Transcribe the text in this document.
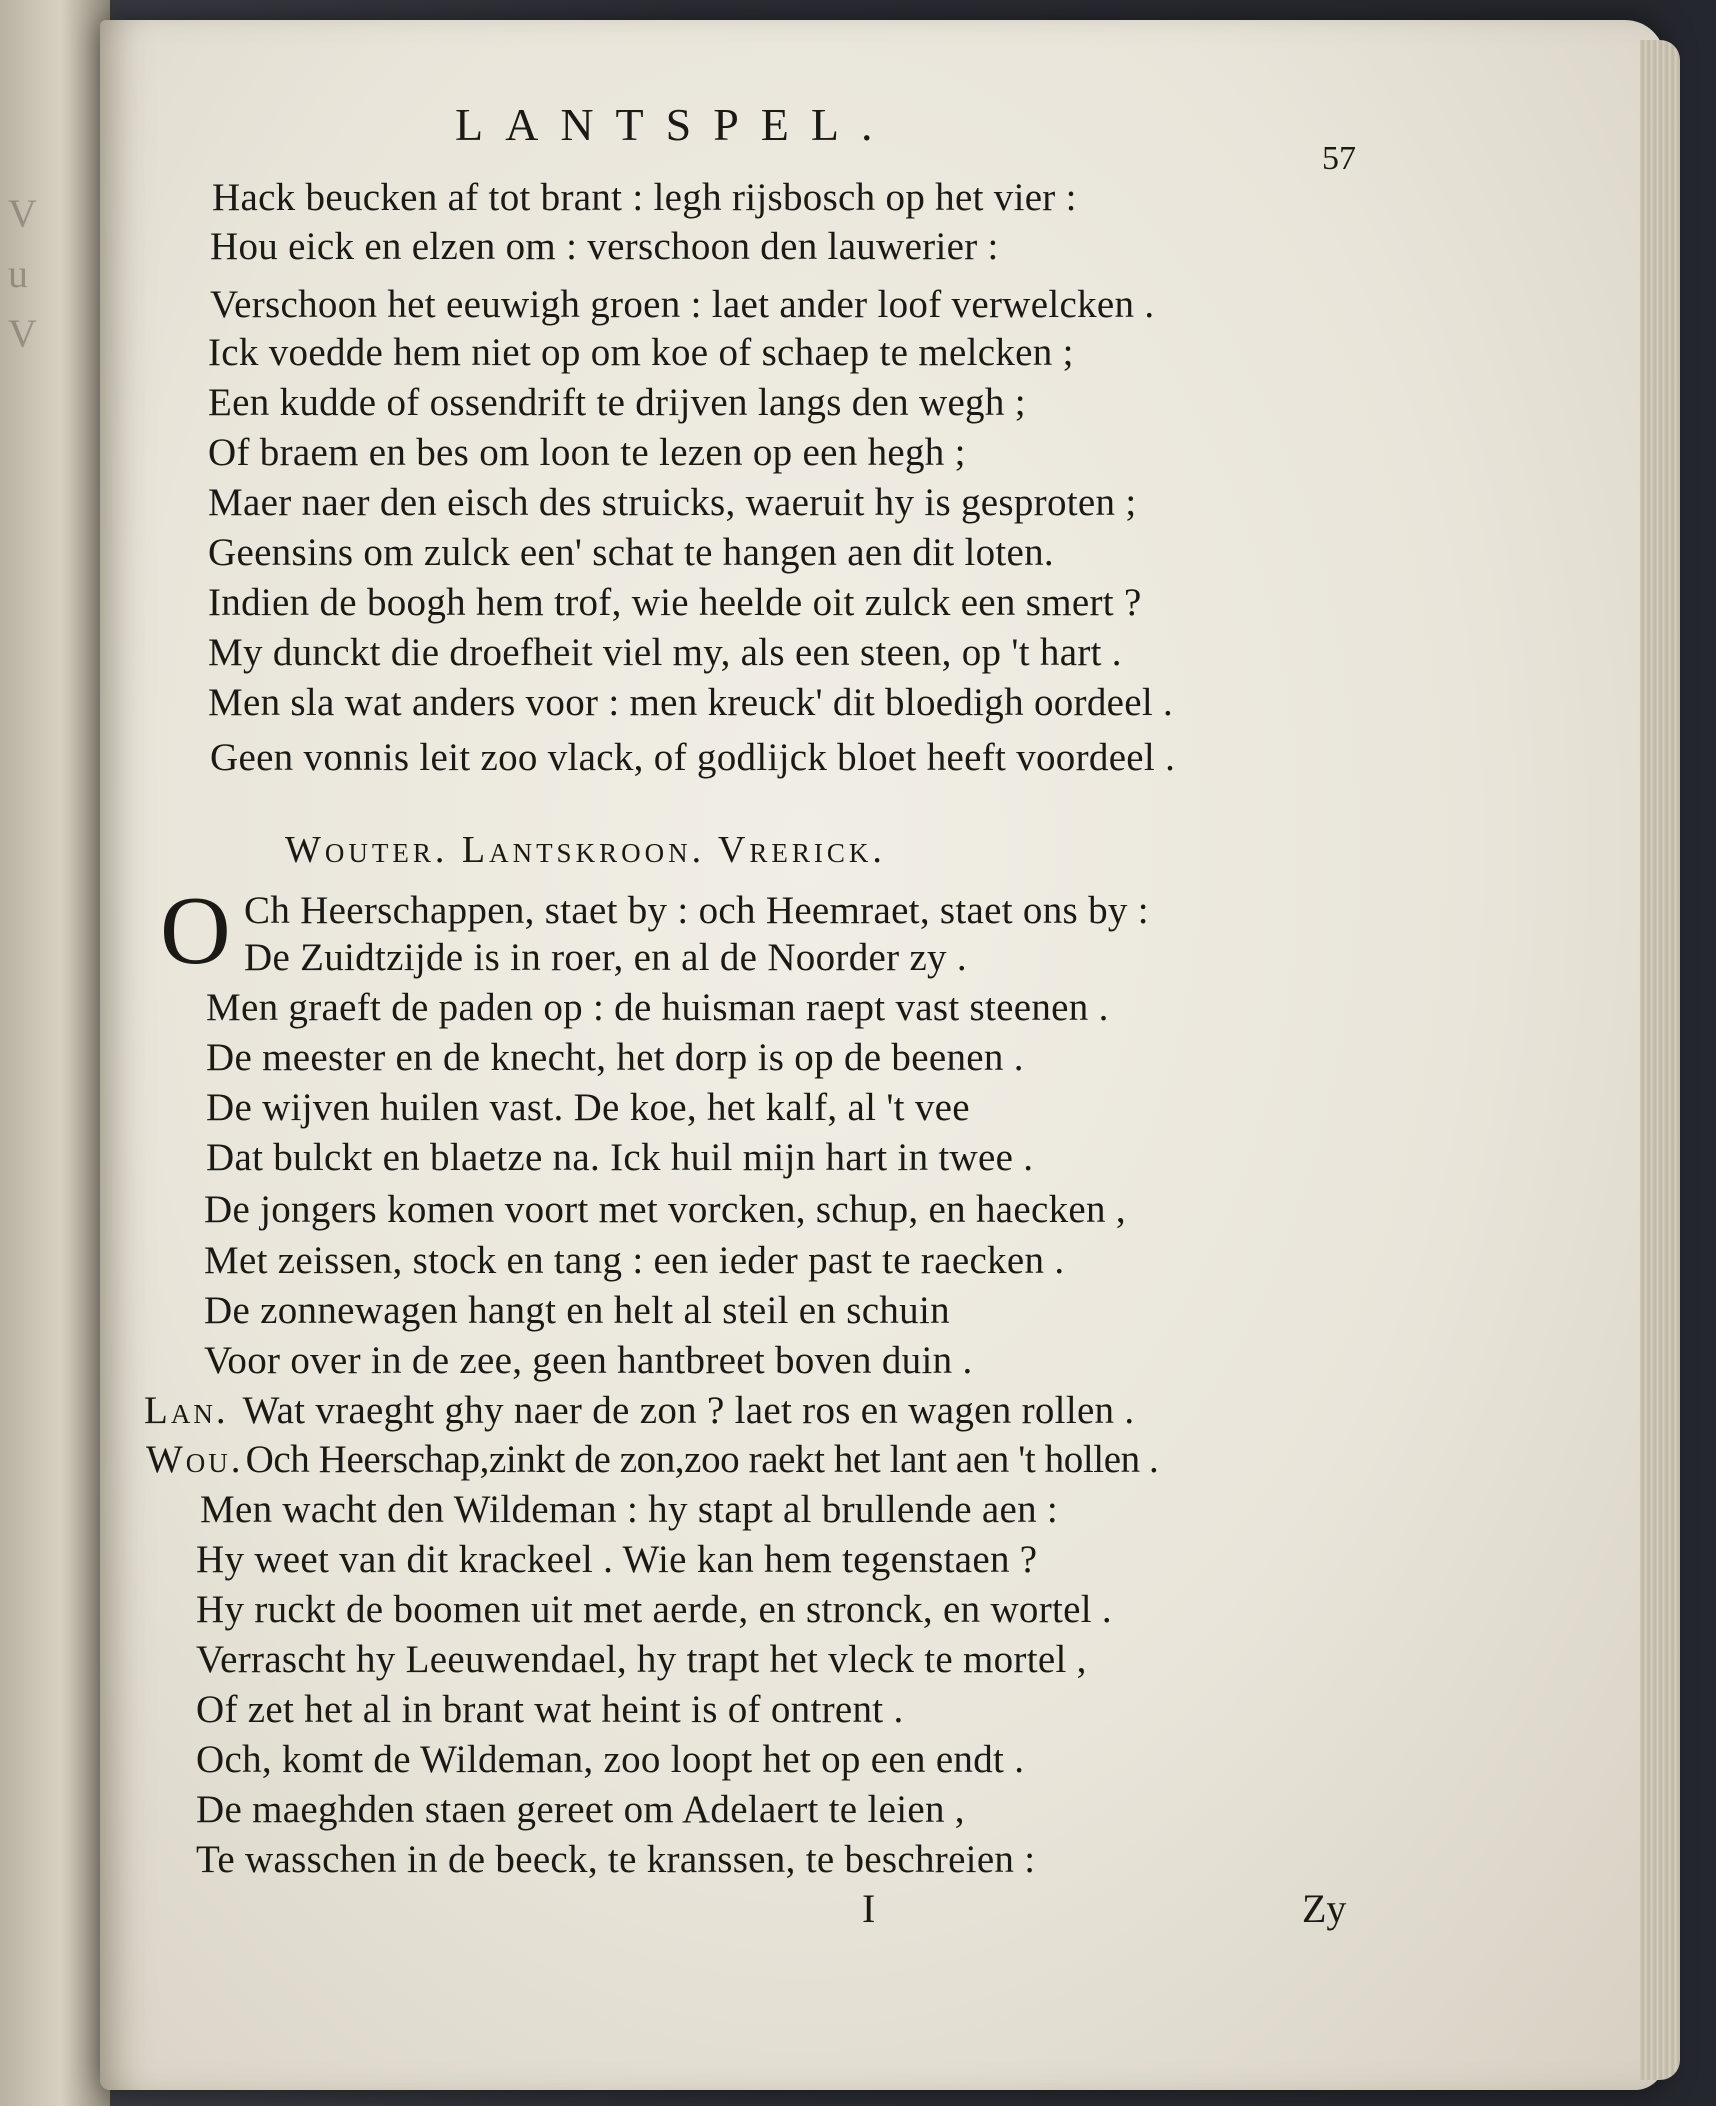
V
u
V
LANTSPEL.
57
Hack beucken af tot brant : legh rijsbosch op het vier :
Hou eick en elzen om : verschoon den lauwerier :
Verschoon het eeuwigh groen : laet ander loof verwelcken .
Ick voedde hem niet op om koe of schaep te melcken ;
Een kudde of ossendrift te drijven langs den wegh ;
Of braem en bes om loon te lezen op een hegh ;
Maer naer den eisch des struicks, waeruit hy is gesproten ;
Geensins om zulck een' schat te hangen aen dit loten.
Indien de boogh hem trof, wie heelde oit zulck een smert ?
My dunckt die droefheit viel my, als een steen, op 't hart .
Men sla wat anders voor : men kreuck' dit bloedigh oordeel .
Geen vonnis leit zoo vlack, of godlijck bloet heeft voordeel .
Wouter. Lantskroon. Vrerick.
O Ch Heerschappen, staet by : och Heemraet, staet ons by :
De Zuidtzijde is in roer, en al de Noorder zy .
Men graeft de paden op : de huisman raept vast steenen .
De meester en de knecht, het dorp is op de beenen .
De wijven huilen vast. De koe, het kalf, al 't vee
Dat bulckt en blaetze na. Ick huil mijn hart in twee .
De jongers komen voort met vorcken, schup, en haecken ,
Met zeissen, stock en tang : een ieder past te raecken .
De zonnewagen hangt en helt al steil en schuin
Voor over in de zee, geen hantbreet boven duin .
Lan. Wat vraeght ghy naer de zon ? laet ros en wagen rollen .
Wou.Och Heerschap,zinkt de zon,zoo raekt het lant aen 't hollen .
Men wacht den Wildeman : hy stapt al brullende aen :
Hy weet van dit krackeel . Wie kan hem tegenstaen ?
Hy ruckt de boomen uit met aerde, en stronck, en wortel .
Verrascht hy Leeuwendael, hy trapt het vleck te mortel ,
Of zet het al in brant wat heint is of ontrent .
Och, komt de Wildeman, zoo loopt het op een endt .
De maeghden staen gereet om Adelaert te leien ,
Te wasschen in de beeck, te kranssen, te beschreien :
I	Zy
